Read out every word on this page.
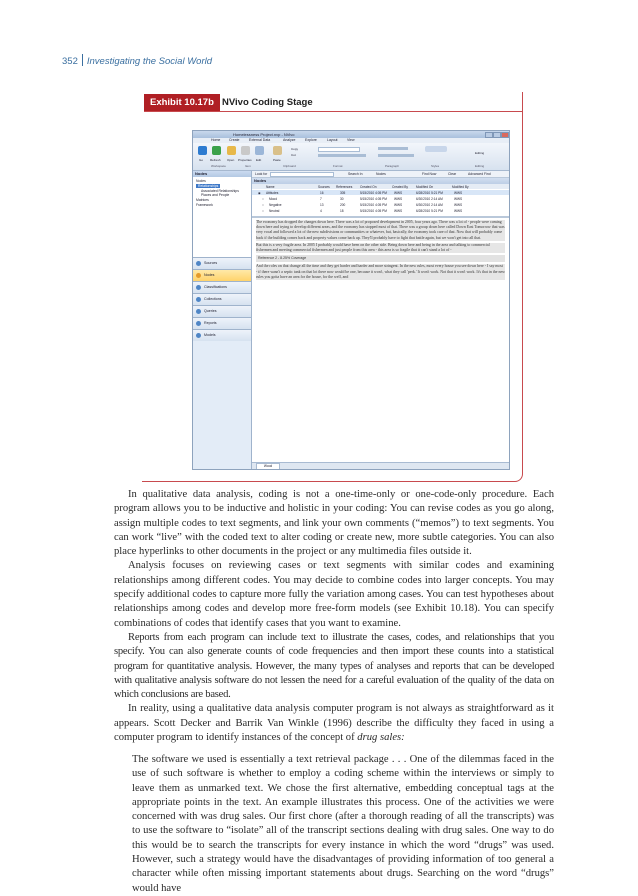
352 Investigating the Social World
Exhibit 10.17b NVivo Coding Stage
Homelessness Project.nvp - NVivo
Home Create	External Data	Analyze	Explore	Layout	View
Go Refresh Open Properties Edit	Paste
Copy
Cut	Editing
Workspace	Item	Clipboard	Format	Paragraph	Styles	Editing
Nodes
Nodes
Relationships
Associated Relationships
Places and People
Matrices
Framework
Sources
Nodes
Classifications
Collections
Queries
Reports
Models
Look for	Search In	Nodes	Find Now	Clear	Advanced Find
Nodes
Name	Sources References Created On	Created By	Modified On	Modified By
◉ Attitudes	16	305	5/15/2010 4:05 PM WWS	6/28/2010 5:21 PM	WWS
○ Mood	7	30	5/15/2010 4:05 PM WWS	6/30/2010 2:14 AM	WWS
○ Negative	13	200	5/15/2010 4:05 PM WWS	6/30/2010 2:14 AM	WWS
○ Neutral	4	18	5/15/2010 4:05 PM WWS	6/28/2010 5:21 PM	WWS
The economy has dropped the changes down here. There was a lot of proposed development in 2005, four years ago. There was a lot of - people were coming down here and trying to develop different areas, and the economy has stopped most of that. There was a group down here called Down East Tomorrow that was very vocal and followed a lot of the new subdivisions or communities or whatever, but, basically, the economy took care of that. Now that will probably come back if the building comes back and property values come back up. They'll probably have to fight that battle again, but we won't get into all that.
But this is a very fragile area. In 2005 I probably would have been on the other side. Being down here and being in the area and talking to commercial fishermen and meeting commercial fishermen and just people from this area - this area is so fragile that it can't stand a lot of -
Reference 2 - 8.25% Coverage
And the roles on that change all the time and they get harder and harder and more stringent. In the new rules, most every house you see down here - I say most - if there wasn't a septic tank on that lot there now would be one, because it won't, what they call 'perk.' It won't work. Not that it won't work. It's that in the new rules you gotta have an area for the house, for the well, and
Wood

In qualitative data analysis, coding is not a one-time-only or one-code-only procedure. Each program allows you to be inductive and holistic in your coding: You can revise codes as you go along, assign multiple codes to text segments, and link your own comments (“memos”) to text segments. You can work “live” with the coded text to alter coding or create new, more subtle categories. You can also place hyperlinks to other documents in the project or any multimedia files outside it.

Analysis focuses on reviewing cases or text segments with similar codes and examining relationships among different codes. You may decide to combine codes into larger concepts. You may specify additional codes to capture more fully the variation among cases. You can test hypotheses about relationships among codes and develop more free-form models (see Exhibit 10.18). You can specify combinations of codes that identify cases that you want to examine.

Reports from each program can include text to illustrate the cases, codes, and relationships that you specify. You can also generate counts of code frequencies and then import these counts into a statistical program for quantitative analysis. However, the many types of analyses and reports that can be developed with qualitative analysis software do not lessen the need for a careful evaluation of the quality of the data on which conclusions are based.

In reality, using a qualitative data analysis computer program is not always as straightforward as it appears. Scott Decker and Barrik Van Winkle (1996) describe the difficulty they faced in using a computer program to identify instances of the concept of drug sales:

The software we used is essentially a text retrieval package . . . One of the dilemmas faced in the use of such software is whether to employ a coding scheme within the interviews or simply to leave them as unmarked text. We chose the first alternative, embedding conceptual tags at the appropriate points in the text. An example illustrates this process. One of the activities we were concerned with was drug sales. Our first chore (after a thorough reading of all the transcripts) was to use the software to “isolate” all of the transcript sections dealing with drug sales. One way to do this would be to search the transcripts for every instance in which the word “drugs” was used. However, such a strategy would have the disadvantages of providing information of too general a character while often missing important statements about drugs. Searching on the word “drugs” would have
